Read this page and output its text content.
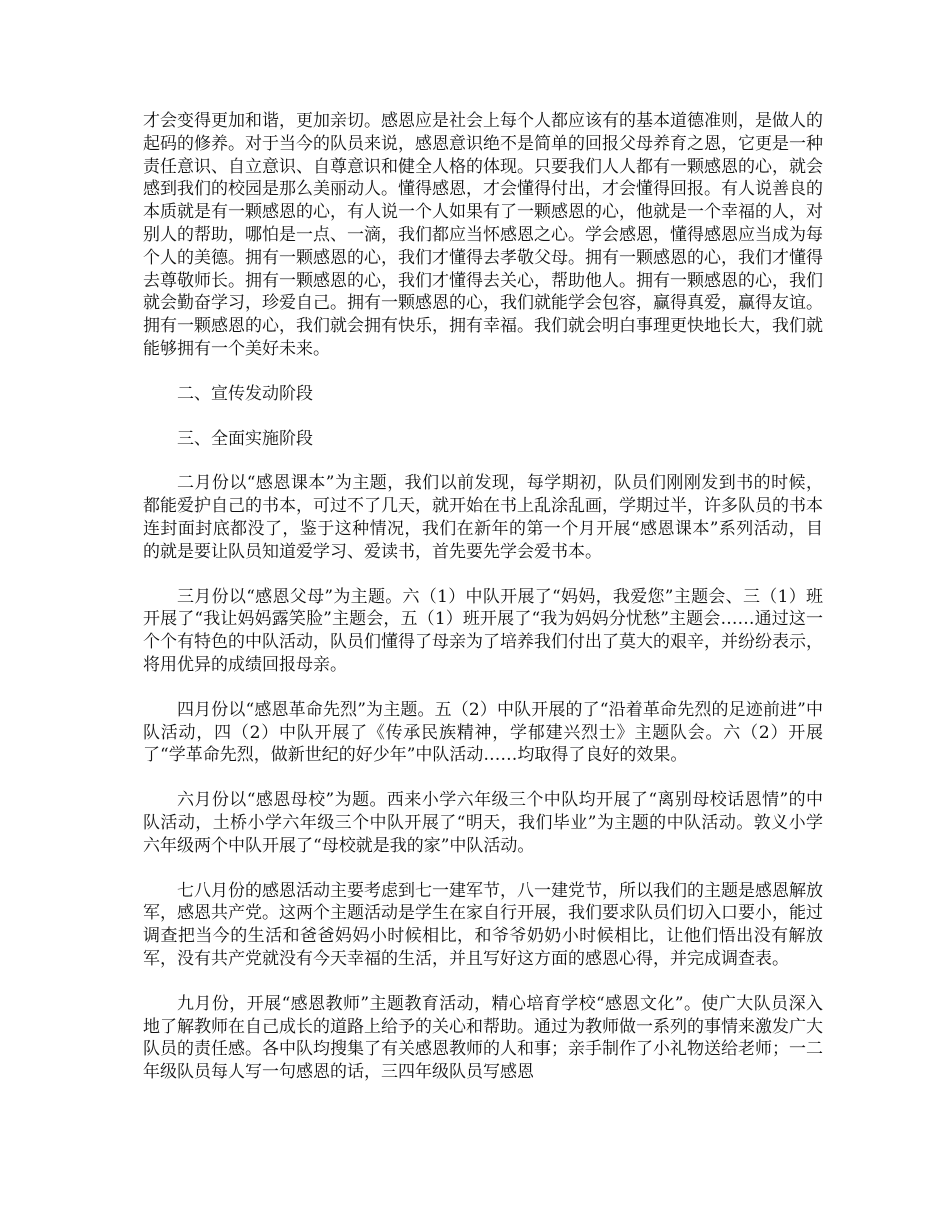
才会变得更加和谐，更加亲切。感恩应是社会上每个人都应该有的基本道德准则，是做人的起码的修养。对于当今的队员来说，感恩意识绝不是简单的回报父母养育之恩，它更是一种责任意识、自立意识、自尊意识和健全人格的体现。只要我们人人都有一颗感恩的心，就会感到我们的校园是那么美丽动人。懂得感恩，才会懂得付出，才会懂得回报。有人说善良的本质就是有一颗感恩的心，有人说一个人如果有了一颗感恩的心，他就是一个幸福的人，对别人的帮助，哪怕是一点、一滴，我们都应当怀感恩之心。学会感恩，懂得感恩应当成为每个人的美德。拥有一颗感恩的心，我们才懂得去孝敬父母。拥有一颗感恩的心，我们才懂得去尊敬师长。拥有一颗感恩的心，我们才懂得去关心，帮助他人。拥有一颗感恩的心，我们就会勤奋学习，珍爱自己。拥有一颗感恩的心，我们就能学会包容，赢得真爱，赢得友谊。拥有一颗感恩的心，我们就会拥有快乐，拥有幸福。我们就会明白事理更快地长大，我们就能够拥有一个美好未来。

二、宣传发动阶段

三、全面实施阶段

二月份以“感恩课本”为主题，我们以前发现，每学期初，队员们刚刚发到书的时候，都能爱护自己的书本，可过不了几天，就开始在书上乱涂乱画，学期过半，许多队员的书本连封面封底都没了，鉴于这种情况，我们在新年的第一个月开展“感恩课本”系列活动，目的就是要让队员知道爱学习、爱读书，首先要先学会爱书本。

三月份以“感恩父母”为主题。六（1）中队开展了“妈妈，我爱您”主题会、三（1）班开展了“我让妈妈露笑脸”主题会，五（1）班开展了“我为妈妈分忧愁”主题会……通过这一个个有特色的中队活动，队员们懂得了母亲为了培养我们付出了莫大的艰辛，并纷纷表示，将用优异的成绩回报母亲。

四月份以“感恩革命先烈”为主题。五（2）中队开展的了“沿着革命先烈的足迹前进”中队活动，四（2）中队开展了《传承民族精神，学郁建兴烈士》主题队会。六（2）开展了“学革命先烈，做新世纪的好少年”中队活动……均取得了良好的效果。

六月份以“感恩母校”为题。西来小学六年级三个中队均开展了“离别母校话恩情”的中队活动，土桥小学六年级三个中队开展了“明天，我们毕业”为主题的中队活动。敦义小学六年级两个中队开展了“母校就是我的家”中队活动。

七八月份的感恩活动主要考虑到七一建军节，八一建党节，所以我们的主题是感恩解放军，感恩共产党。这两个主题活动是学生在家自行开展，我们要求队员们切入口要小，能过调查把当今的生活和爸爸妈妈小时候相比，和爷爷奶奶小时候相比，让他们悟出没有解放军，没有共产党就没有今天幸福的生活，并且写好这方面的感恩心得，并完成调查表。

九月份，开展“感恩教师”主题教育活动，精心培育学校“感恩文化”。使广大队员深入地了解教师在自己成长的道路上给予的关心和帮助。通过为教师做一系列的事情来激发广大队员的责任感。各中队均搜集了有关感恩教师的人和事；亲手制作了小礼物送给老师；一二年级队员每人写一句感恩的话，三四年级队员写感恩
